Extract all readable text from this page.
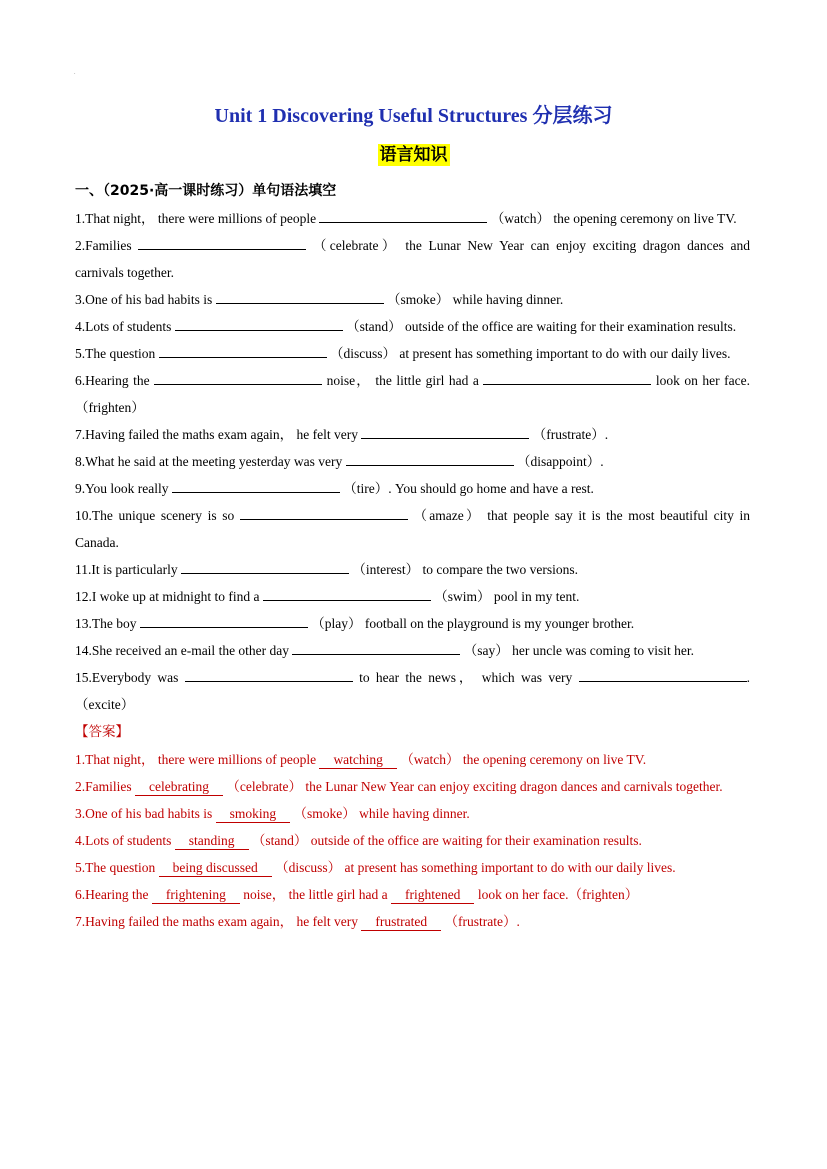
.
Unit 1 Discovering Useful Structures 分层练习
语言知识
一、（2025·高一课时练习）单句语法填空
1.That night， there were millions of people	（watch） the opening ceremony on live TV.
2.Families	（celebrate） the Lunar New Year can enjoy exciting dragon dances and carnivals together.
3.One of his bad habits is	（smoke） while having dinner.
4.Lots of students	（stand） outside of the office are waiting for their examination results.
5.The question	（discuss） at present has something important to do with our daily lives.
6.Hearing the	noise， the little girl had a	look on her face.（frighten）
7.Having failed the maths exam again， he felt very	（frustrate）.
8.What he said at the meeting yesterday was very	（disappoint）.
9.You look really	（tire）. You should go home and have a rest.
10.The unique scenery is so	（amaze） that people say it is the most beautiful city in Canada.
11.It is particularly	（interest） to compare the two versions.
12.I woke up at midnight to find a	（swim） pool in my tent.
13.The boy	（play） football on the playground is my younger brother.
14.She received an e-mail the other day	（say） her uncle was coming to visit her.
15.Everybody was	to hear the news， which was very	.（excite）
【答案】
1.That night， there were millions of people watching （watch） the opening ceremony on live TV.
2.Families celebrating （celebrate） the Lunar New Year can enjoy exciting dragon dances and carnivals together.
3.One of his bad habits is smoking （smoke） while having dinner.
4.Lots of students standing （stand） outside of the office are waiting for their examination results.
5.The question being discussed （discuss） at present has something important to do with our daily lives.
6.Hearing the frightening noise， the little girl had a frightened look on her face.（frighten）
7.Having failed the maths exam again， he felt very frustrated （frustrate）.
